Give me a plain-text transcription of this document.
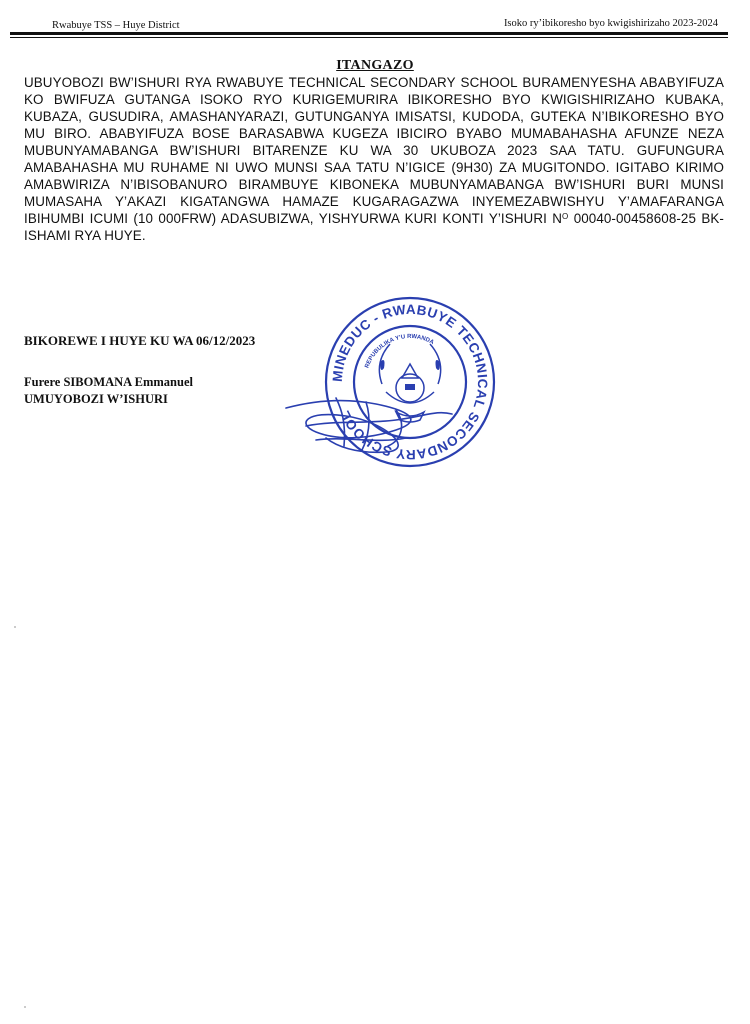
Rwabuye TSS – Huye District	Isoko ry’ibikoresho byo kwigishirizaho 2023-2024
ITANGAZO
UBUYOBOZI BW’ISHURI RYA RWABUYE TECHNICAL SECONDARY SCHOOL BURAMENYESHA ABABYIFUZA KO BWIFUZA GUTANGA ISOKO RYO KURIGEMURIRA IBIKORESHO BYO KWIGISHIRIZAHO KUBAKA, KUBAZA, GUSUDIRA, AMASHANYARAZI, GUTUNGANYA IMISATSI, KUDODA, GUTEKA N’IBIKORESHO BYO MU BIRO. ABABYIFUZA BOSE BARASABWA KUGEZA IBICIRO BYABO MUMABAHASHA AFUNZE NEZA MUBUNYAMABANGA BW’ISHURI BITARENZE KU WA 30 UKUBOZA 2023 SAA TATU. GUFUNGURA AMABAHASHA MU RUHAME NI UWO MUNSI SAA TATU N’IGICE (9H30) ZA MUGITONDO. IGITABO KIRIMO AMABWIRIZA N’IBISOBANURO BIRAMBUYE KIBONEKA MUBUNYAMABANGA BW’ISHURI BURI MUNSI MUMASAHA Y’AKAZI KIGATANGWA HAMAZE KUGARAGAZWA INYEMEZABWISHYU Y’AMAFARANGA IBIHUMBI ICUMI (10 000FRW) ADASUBIZWA, YISHYURWA KURI KONTI Y’ISHURI $N^O$ 00040-00458608-25 BK-ISHAMI RYA HUYE.
BIKOREWE I HUYE KU WA 06/12/2023
Furere SIBOMANA Emmanuel
UMUYOBOZI W’ISHURI
MINEDUC - RWABUYE TECHNICAL SECONDARY SCHOOL
REPUBULIKA Y'U RWANDA
